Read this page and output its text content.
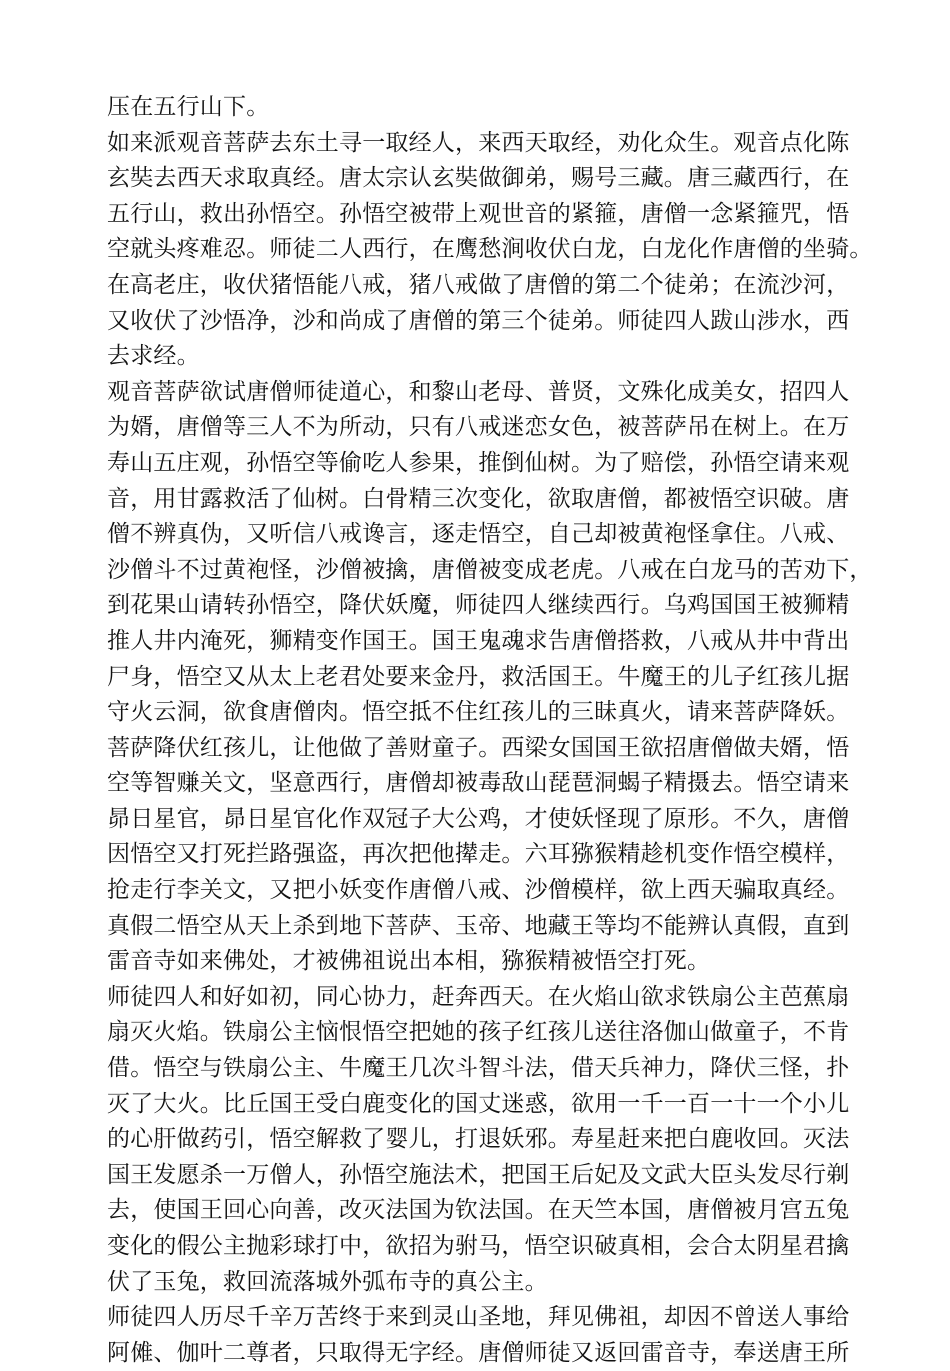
压在五行山下。
如来派观音菩萨去东土寻一取经人，来西天取经，劝化众生。观音点化陈
玄奘去西天求取真经。唐太宗认玄奘做御弟，赐号三藏。唐三藏西行，在
五行山，救出孙悟空。孙悟空被带上观世音的紧箍，唐僧一念紧箍咒，悟
空就头疼难忍。师徒二人西行，在鹰愁涧收伏白龙，白龙化作唐僧的坐骑。
在高老庄，收伏猪悟能八戒，猪八戒做了唐僧的第二个徒弟；在流沙河，
又收伏了沙悟净，沙和尚成了唐僧的第三个徒弟。师徒四人跋山涉水，西
去求经。
观音菩萨欲试唐僧师徒道心，和黎山老母、普贤，文殊化成美女，招四人
为婿，唐僧等三人不为所动，只有八戒迷恋女色，被菩萨吊在树上。在万
寿山五庄观，孙悟空等偷吃人参果，推倒仙树。为了赔偿，孙悟空请来观
音，用甘露救活了仙树。白骨精三次变化，欲取唐僧，都被悟空识破。唐
僧不辨真伪，又听信八戒谗言，逐走悟空，自己却被黄袍怪拿住。八戒、
沙僧斗不过黄袍怪，沙僧被擒，唐僧被变成老虎。八戒在白龙马的苦劝下，
到花果山请转孙悟空，降伏妖魔，师徒四人继续西行。乌鸡国国王被狮精
推人井内淹死，狮精变作国王。国王鬼魂求告唐僧搭救，八戒从井中背出
尸身，悟空又从太上老君处要来金丹，救活国王。牛魔王的儿子红孩儿据
守火云洞，欲食唐僧肉。悟空抵不住红孩儿的三昧真火，请来菩萨降妖。
菩萨降伏红孩儿，让他做了善财童子。西梁女国国王欲招唐僧做夫婿，悟
空等智赚关文，坚意西行，唐僧却被毒敌山琵琶洞蝎子精摄去。悟空请来
昴日星官，昴日星官化作双冠子大公鸡，才使妖怪现了原形。不久，唐僧
因悟空又打死拦路强盗，再次把他撵走。六耳猕猴精趁机变作悟空模样，
抢走行李关文，又把小妖变作唐僧八戒、沙僧模样，欲上西天骗取真经。
真假二悟空从天上杀到地下菩萨、玉帝、地藏王等均不能辨认真假，直到
雷音寺如来佛处，才被佛祖说出本相，猕猴精被悟空打死。
师徒四人和好如初，同心协力，赶奔西天。在火焰山欲求铁扇公主芭蕉扇
扇灭火焰。铁扇公主恼恨悟空把她的孩子红孩儿送往洛伽山做童子，不肯
借。悟空与铁扇公主、牛魔王几次斗智斗法，借天兵神力，降伏三怪，扑
灭了大火。比丘国王受白鹿变化的国丈迷惑，欲用一千一百一十一个小儿
的心肝做药引，悟空解救了婴儿，打退妖邪。寿星赶来把白鹿收回。灭法
国王发愿杀一万僧人，孙悟空施法术，把国王后妃及文武大臣头发尽行剃
去，使国王回心向善，改灭法国为钦法国。在天竺本国，唐僧被月宫五兔
变化的假公主抛彩球打中，欲招为驸马，悟空识破真相，会合太阴星君擒
伏了玉兔，救回流落城外弧布寺的真公主。
师徒四人历尽千辛万苦终于来到灵山圣地，拜见佛祖，却因不曾送人事给
阿傩、伽叶二尊者，只取得无字经。唐僧师徒又返回雷音寺，奉送唐王所
